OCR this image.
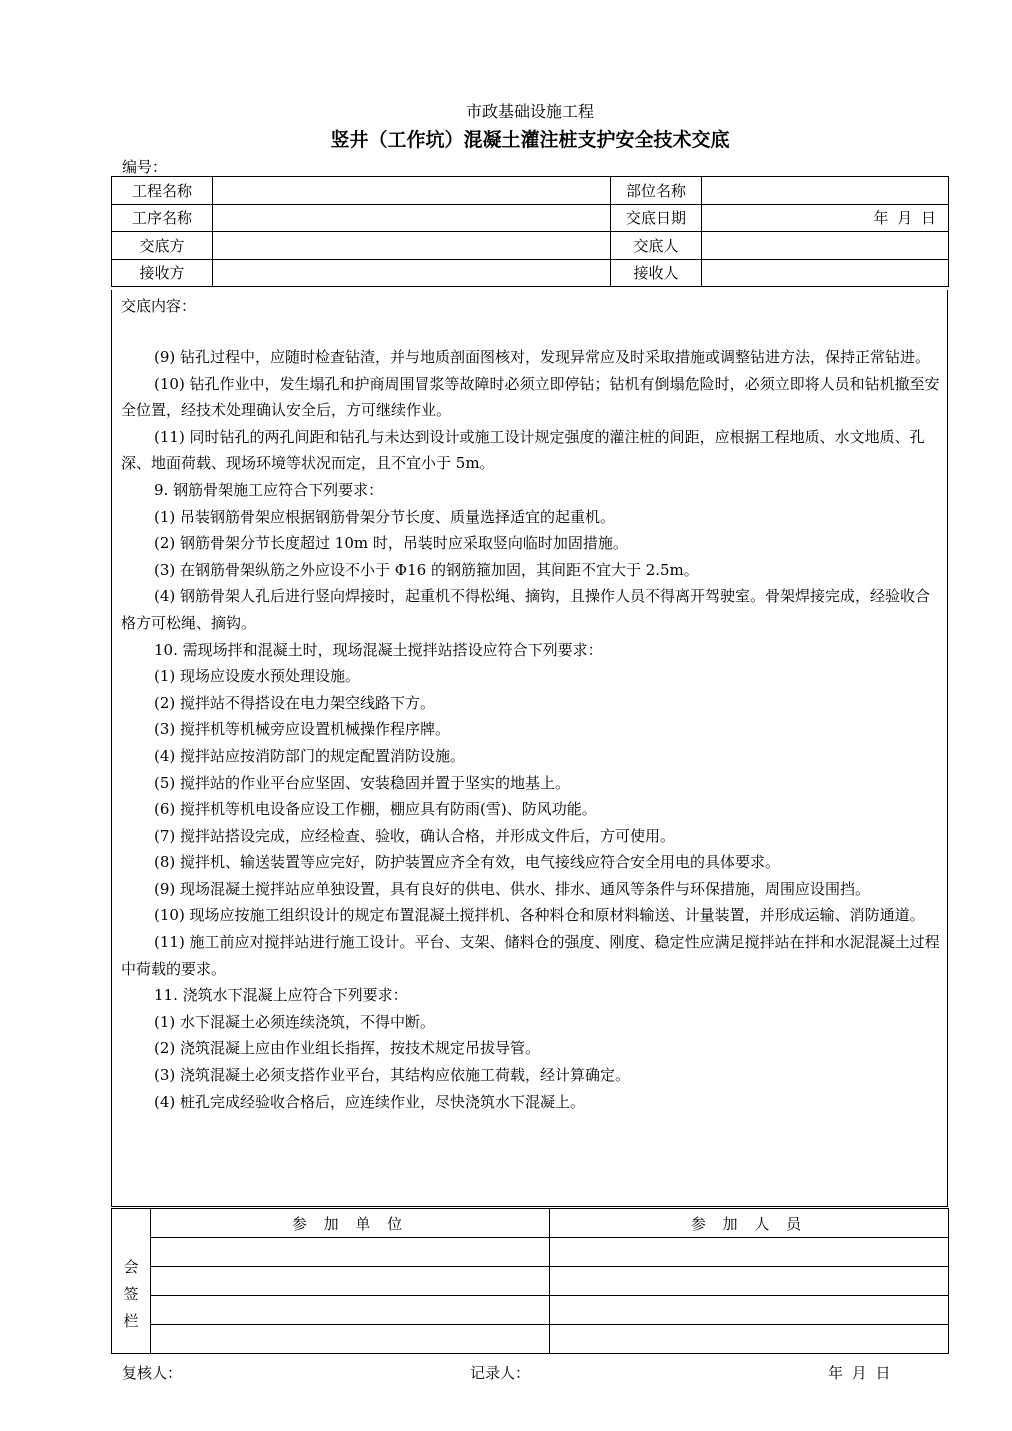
市政基础设施工程
竖井（工作坑）混凝土灌注桩支护安全技术交底
编号：
工程名称		部位名称	
工序名称		交底日期	年 月 日
交底方		交底人	
接收方		接收人	
交底内容：

(9) 钻孔过程中，应随时检查钻渣，并与地质剖面图核对，发现异常应及时采取措施或调整钻进方法，保持正常钻进。

(10) 钻孔作业中，发生塌孔和护商周围冒浆等故障时必须立即停钻；钻机有倒塌危险时，必须立即将人员和钻机撤至安全位置，经技术处理确认安全后，方可继续作业。

(11) 同时钻孔的两孔间距和钻孔与未达到设计或施工设计规定强度的灌注桩的间距，应根据工程地质、水文地质、孔深、地面荷载、现场环境等状况而定，且不宜小于 5m。

9. 钢筋骨架施工应符合下列要求：

(1) 吊装钢筋骨架应根据钢筋骨架分节长度、质量选择适宜的起重机。

(2) 钢筋骨架分节长度超过 10m 时，吊装时应采取竖向临时加固措施。

(3) 在钢筋骨架纵筋之外应设不小于 Φ16 的钢筋箍加固，其间距不宜大于 2.5m。

(4) 钢筋骨架人孔后进行竖向焊接时，起重机不得松绳、摘钩，且操作人员不得离开驾驶室。骨架焊接完成，经验收合格方可松绳、摘钩。

10. 需现场拌和混凝土时，现场混凝土搅拌站搭设应符合下列要求：

(1) 现场应设废水预处理设施。

(2) 搅拌站不得搭设在电力架空线路下方。

(3) 搅拌机等机械旁应设置机械操作程序牌。

(4) 搅拌站应按消防部门的规定配置消防设施。

(5) 搅拌站的作业平台应坚固、安装稳固并置于坚实的地基上。

(6) 搅拌机等机电设备应设工作棚，棚应具有防雨(雪)、防风功能。

(7) 搅拌站搭设完成，应经检查、验收，确认合格，并形成文件后，方可使用。

(8) 搅拌机、输送装置等应完好，防护装置应齐全有效，电气接线应符合安全用电的具体要求。

(9) 现场混凝土搅拌站应单独设置，具有良好的供电、供水、排水、通风等条件与环保措施，周围应设围挡。

(10) 现场应按施工组织设计的规定布置混凝土搅拌机、各种料仓和原材料输送、计量装置，并形成运输、消防通道。

(11) 施工前应对搅拌站进行施工设计。平台、支架、储料仓的强度、刚度、稳定性应满足搅拌站在拌和水泥混凝土过程中荷载的要求。

11. 浇筑水下混凝上应符合下列要求：

(1) 水下混凝土必须连续浇筑，不得中断。

(2) 浇筑混凝上应由作业组长指挥，按技术规定吊拔导管。

(3) 浇筑混凝土必须支搭作业平台，其结构应依施工荷载，经计算确定。

(4) 桩孔完成经验收合格后，应连续作业，尽快浇筑水下混凝上。

会
签
栏	参 加 单 位	参 加 人 员

复核人：	记录人：	年 月 日
